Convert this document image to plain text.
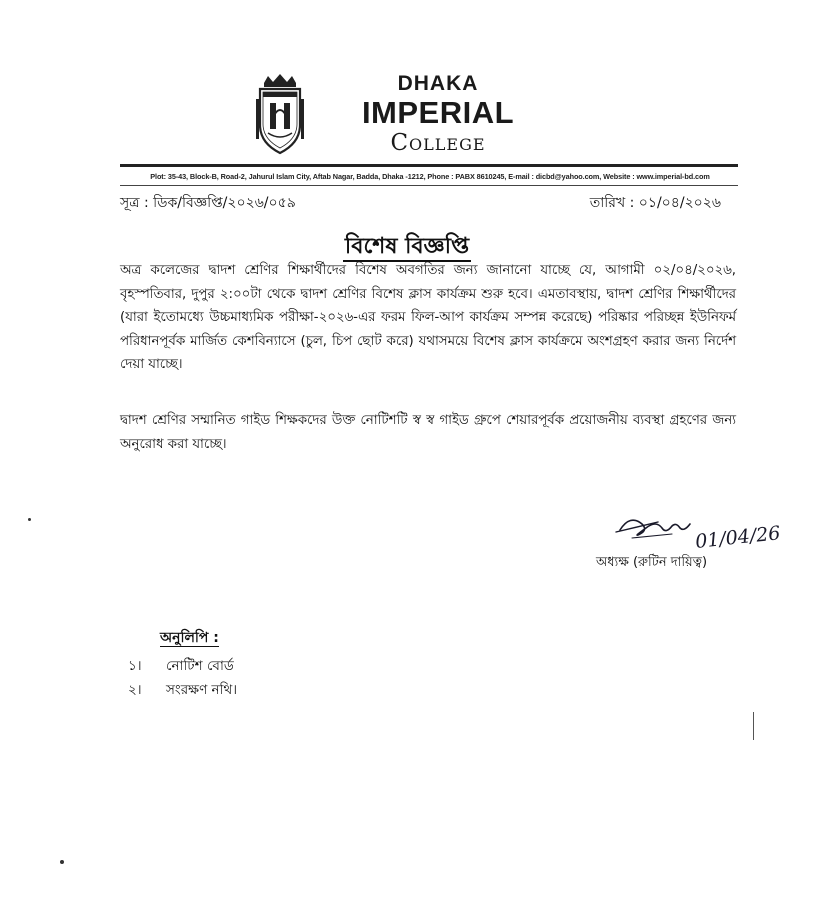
DHAKA
IMPERIAL
College
Plot: 35-43, Block-B, Road-2, Jahurul Islam City, Aftab Nagar, Badda, Dhaka -1212, Phone : PABX 8610245, E-mail : dicbd@yahoo.com, Website : www.imperial-bd.com
সূত্র : ডিক/বিজ্ঞপ্তি/২০২৬/০৫৯	তারিখ : ০১/০৪/২০২৬
বিশেষ বিজ্ঞপ্তি
অত্র কলেজের দ্বাদশ শ্রেণির শিক্ষার্থীদের বিশেষ অবগতির জন্য জানানো যাচ্ছে যে, আগামী ০২/০৪/২০২৬, বৃহস্পতিবার, দুপুর ২:০০টা থেকে দ্বাদশ শ্রেণির বিশেষ ক্লাস কার্যক্রম শুরু হবে। এমতাবস্থায়, দ্বাদশ শ্রেণির শিক্ষার্থীদের (যারা ইতোমধ্যে উচ্চমাধ্যমিক পরীক্ষা-২০২৬-এর ফরম ফিল-আপ কার্যক্রম সম্পন্ন করেছে) পরিষ্কার পরিচ্ছন্ন ইউনিফর্ম পরিধানপূর্বক মার্জিত কেশবিন্যাসে (চুল, চিপ ছোট করে) যথাসময়ে বিশেষ ক্লাস কার্যক্রমে অংশগ্রহণ করার জন্য নির্দেশ দেয়া যাচ্ছে।
দ্বাদশ শ্রেণির সম্মানিত গাইড শিক্ষকদের উক্ত নোটিশটি স্ব স্ব গাইড গ্রুপে শেয়ারপূর্বক প্রয়োজনীয় ব্যবস্থা গ্রহণের জন্য অনুরোধ করা যাচ্ছে।
01/04/26
অধ্যক্ষ (রুটিন দায়িত্ব)
অনুলিপি :
১।	নোটিশ বোর্ড
২।	সংরক্ষণ নথি।
